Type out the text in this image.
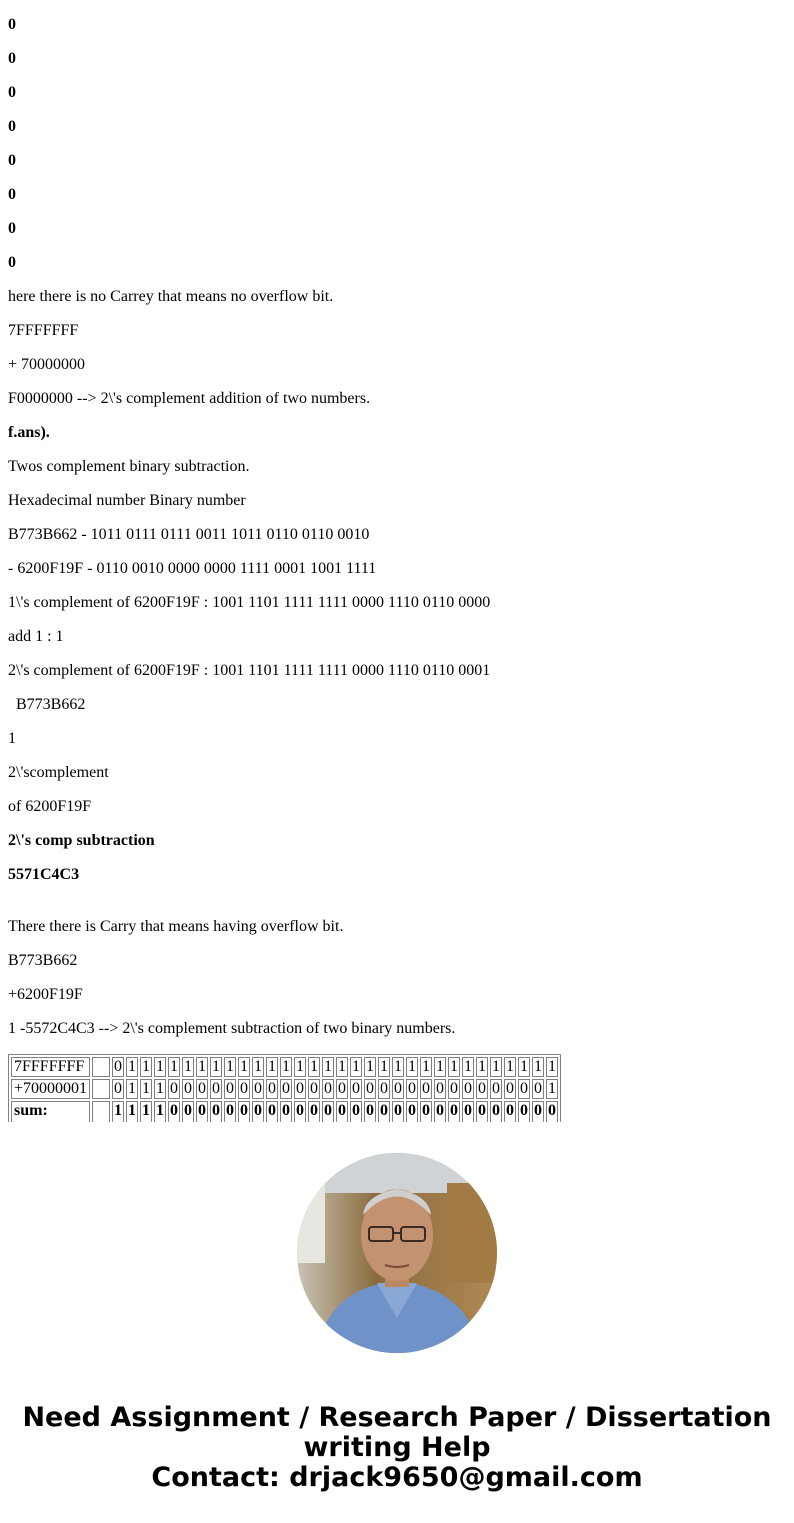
0

0

0

0

0

0

0

0

here there is no Carrey that means no overflow bit.

7FFFFFFF

+ 70000000

F0000000 --> 2\'s complement addition of two numbers.

f.ans).

Twos complement binary subtraction.

Hexadecimal number Binary number

B773B662 - 1011 0111 0111 0011 1011 0110 0110 0010

- 6200F19F - 0110 0010 0000 0000 1111 0001 1001 1111

1\'s complement of 6200F19F : 1001 1101 1111 1111 0000 1110 0110 0000

add 1 : 1

2\'s complement of 6200F19F : 1001 1101 1111 1111 0000 1110 0110 0001

B773B662

1

2\'scomplement

of 6200F19F

2\'s comp subtraction

5571C4C3

There there is Carry that means having overflow bit.

B773B662

+6200F19F

1 -5572C4C3 --> 2\'s complement subtraction of two binary numbers.

7FFFFFFF		0	1	1	1	1	1	1	1	1	1	1	1	1	1	1	1	1	1	1	1	1	1	1	1	1	1	1	1	1	1	1	1
+70000001		0	1	1	1	0	0	0	0	0	0	0	0	0	0	0	0	0	0	0	0	0	0	0	0	0	0	0	0	0	0	0	1
sum:		1	1	1	1	0	0	0	0	0	0	0	0	0	0	0	0	0	0	0	0	0	0	0	0	0	0	0	0	0	0	0	0
Need Assignment / Research Paper / Dissertation
writing Help
Contact: drjack9650@gmail.com
